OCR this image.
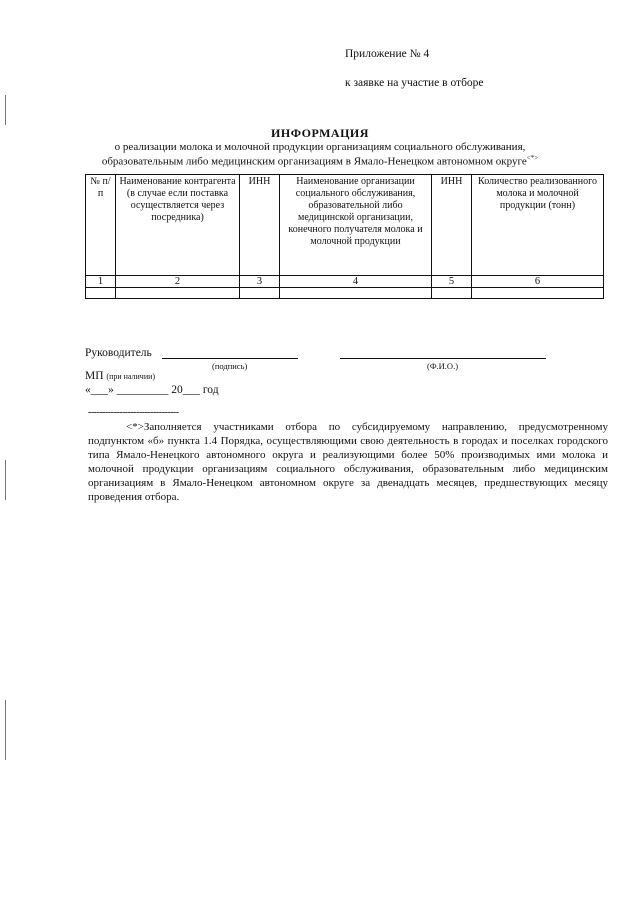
Приложение № 4
к заявке на участие в отборе
ИНФОРМАЦИЯ
о реализации молока и молочной продукции организациям социального обслуживания,
образовательным либо медицинским организациям в Ямало-Ненецком автономном округе<*>
№ п/п	Наименование контрагента (в случае если поставка осуществляется через посредника)	ИНН	Наименование организации социального обслуживания, образовательной либо медицинской организации, конечного получателя молока и молочной продукции	ИНН	Количество реализованного молока и молочной продукции (тонн)
1	2	3	4	5	6

Руководитель
(подпись)	(Ф.И.О.)
МП (при наличии)
«___» _________ 20___ год
--------------------------------
<*>Заполняется участниками отбора по субсидируемому направлению, предусмотренному подпунктом «б» пункта 1.4 Порядка, осуществляющими свою деятельность в городах и поселках городского типа Ямало-Ненецкого автономного округа и реализующими более 50% производимых ими молока и молочной продукции организациям социального обслуживания, образовательным либо медицинским организациям в Ямало-Ненецком автономном округе за двенадцать месяцев, предшествующих месяцу проведения отбора.
